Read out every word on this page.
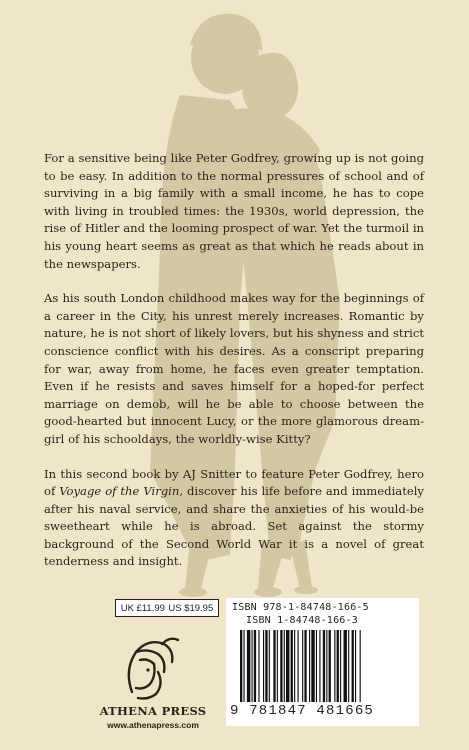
For a sensitive being like Peter Godfrey, growing up is not going to be easy. In addition to the normal pressures of school and of surviving in a big family with a small income, he has to cope with living in troubled times: the 1930s, world depression, the rise of Hitler and the looming prospect of war. Yet the turmoil in his young heart seems as great as that which he reads about in the newspapers.

As his south London childhood makes way for the beginnings of a career in the City, his unrest merely increases. Romantic by nature, he is not short of likely lovers, but his shyness and strict conscience conflict with his desires. As a conscript preparing for war, away from home, he faces even greater temptation. Even if he resists and saves himself for a hoped-for perfect marriage on demob, will he be able to choose between the good-hearted but innocent Lucy, or the more glamorous dream-girl of his schooldays, the worldly-wise Kitty?

In this second book by AJ Snitter to feature Peter Godfrey, hero of Voyage of the Virgin, discover his life before and immediately after his naval service, and share the anxieties of his would-be sweetheart while he is abroad. Set against the stormy background of the Second World War it is a novel of great tenderness and insight.

UK £11.99 US $19.95 ISBN 978-1-84748-166-5
ISBN 1-84748-166-3
9 781847 481665
ATHENA PRESS
www.athenapress.com
